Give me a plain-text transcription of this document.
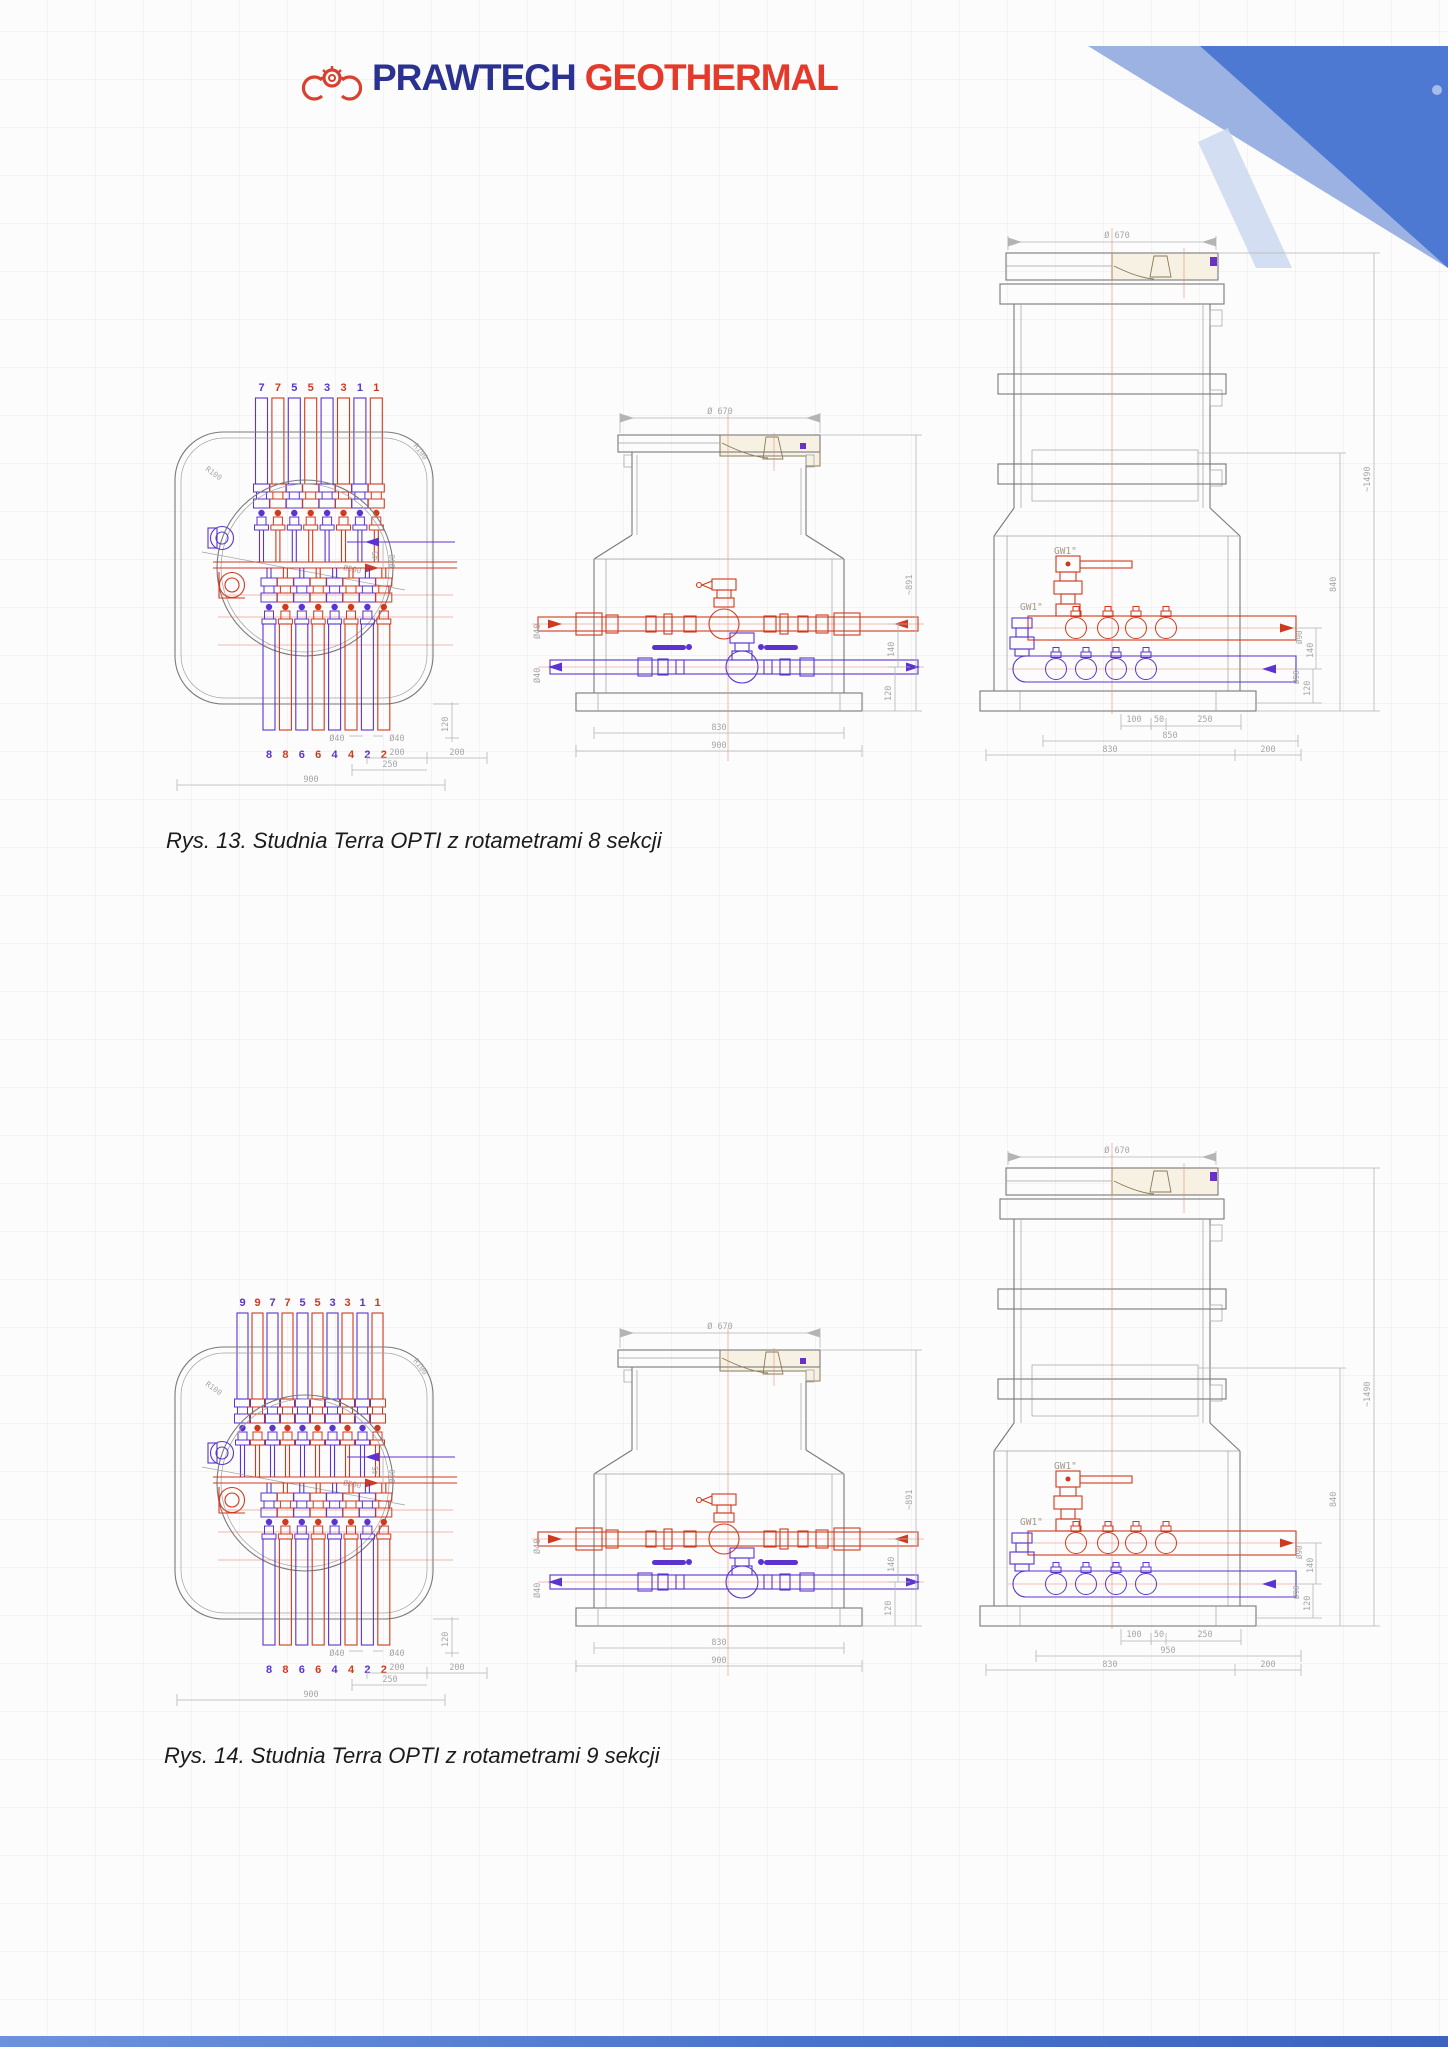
PRAWTECH GEOTHERMAL
7 7 5 5 3 3 1 1
R100
R100
Ø590
45 Ø90
8 8 6 6 4 4 2 2
Ø40	Ø40
120
200	200
250
900
Ø 670
Ø40
Ø40
~891
140
120
830
900
Ø 670
GW1"
GW1"
~1490
840
140
120
Ø90
Ø90
100 50	250
850
830	200

Rys. 13. Studnia Terra OPTI z rotametrami 8 sekcji

9 9 7 7 5 5 3 3 1 1
R100
R100
Ø590
45 Ø90
8 8 6 6 4 4 2 2
Ø40	Ø40
120
200	200
250
900
Ø 670
Ø40
Ø40
~891
140
120
830
900
Ø 670
GW1"
GW1"
~1490
840
140
120
Ø90
Ø90
100 50	250
950
830	200

Rys. 14. Studnia Terra OPTI z rotametrami 9 sekcji
